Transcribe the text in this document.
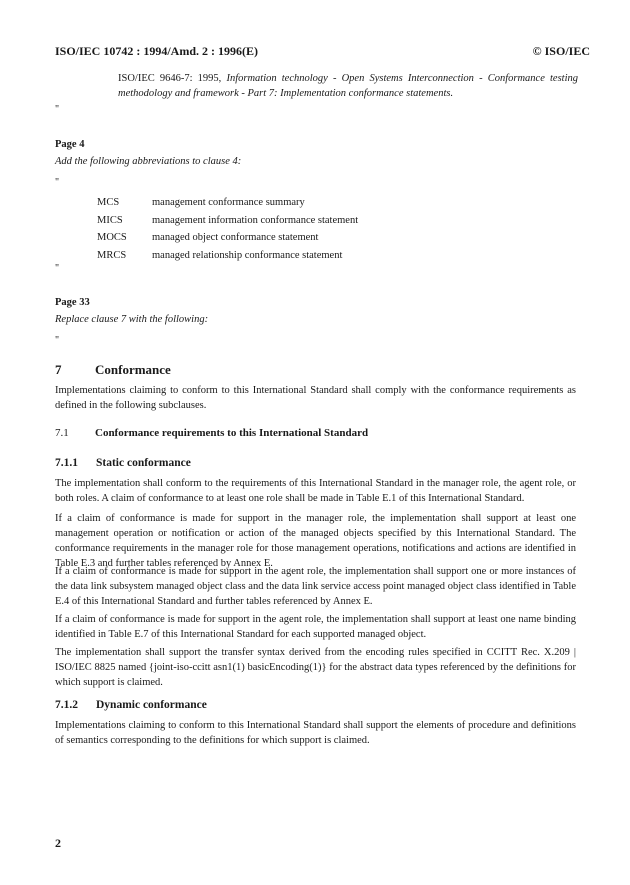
ISO/IEC 10742 : 1994/Amd. 2 : 1996(E)	© ISO/IEC
ISO/IEC 9646-7: 1995, Information technology - Open Systems Interconnection - Conformance testing methodology and framework - Part 7: Implementation conformance statements.
"
Page 4
Add the following abbreviations to clause 4:
"
MCS	management conformance summary
MICS	management information conformance statement
MOCS	managed object conformance statement
MRCS	managed relationship conformance statement
"
Page 33
Replace clause 7 with the following:
"
7	Conformance
Implementations claiming to conform to this International Standard shall comply with the conformance requirements as defined in the following subclauses.
7.1	Conformance requirements to this International Standard
7.1.1	Static conformance
The implementation shall conform to the requirements of this International Standard in the manager role, the agent role, or both roles. A claim of conformance to at least one role shall be made in Table E.1 of this International Standard.
If a claim of conformance is made for support in the manager role, the implementation shall support at least one management operation or notification or action of the managed objects specified by this International Standard. The conformance requirements in the manager role for those management operations, notifications and actions are identified in Table E.3 and further tables referenced by Annex E.
If a claim of conformance is made for support in the agent role, the implementation shall support one or more instances of the data link subsystem managed object class and the data link service access point managed object class identified in Table E.4 of this International Standard and further tables referenced by Annex E.
If a claim of conformance is made for support in the agent role, the implementation shall support at least one name binding identified in Table E.7 of this International Standard for each supported managed object.
The implementation shall support the transfer syntax derived from the encoding rules specified in CCITT Rec. X.209 | ISO/IEC 8825 named {joint-iso-ccitt asn1(1) basicEncoding(1)} for the abstract data types referenced by the definitions for which support is claimed.
7.1.2	Dynamic conformance
Implementations claiming to conform to this International Standard shall support the elements of procedure and definitions of semantics corresponding to the definitions for which support is claimed.
2
